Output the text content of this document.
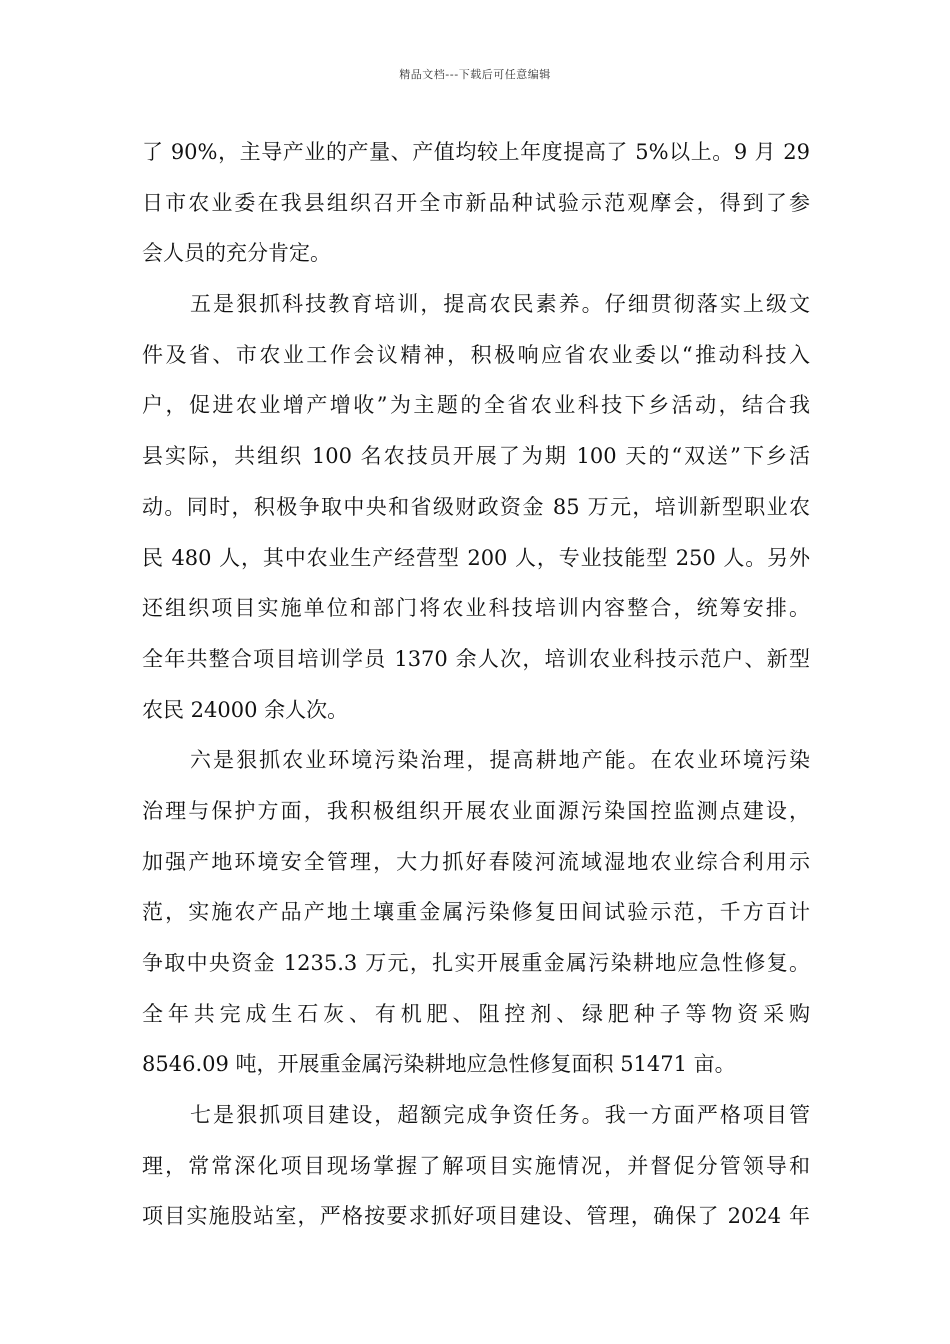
精品文档---下载后可任意编辑
了 90%，主导产业的产量、产值均较上年度提高了 5%以上。9 月 29
日市农业委在我县组织召开全市新品种试验示范观摩会，得到了参
会人员的充分肯定。
五是狠抓科技教育培训，提高农民素养。仔细贯彻落实上级文
件及省、市农业工作会议精神，积极响应省农业委以“推动科技入
户，促进农业增产增收”为主题的全省农业科技下乡活动，结合我
县实际，共组织 100 名农技员开展了为期 100 天的“双送”下乡活
动。同时，积极争取中央和省级财政资金 85 万元，培训新型职业农
民 480 人，其中农业生产经营型 200 人，专业技能型 250 人。另外
还组织项目实施单位和部门将农业科技培训内容整合，统筹安排。
全年共整合项目培训学员 1370 余人次，培训农业科技示范户、新型
农民 24000 余人次。
六是狠抓农业环境污染治理，提高耕地产能。在农业环境污染
治理与保护方面，我积极组织开展农业面源污染国控监测点建设，
加强产地环境安全管理，大力抓好春陵河流域湿地农业综合利用示
范，实施农产品产地土壤重金属污染修复田间试验示范，千方百计
争取中央资金 1235.3 万元，扎实开展重金属污染耕地应急性修复。
全年共完成生石灰、有机肥、阻控剂、绿肥种子等物资采购
8546.09 吨，开展重金属污染耕地应急性修复面积 51471 亩。
七是狠抓项目建设，超额完成争资任务。我一方面严格项目管
理，常常深化项目现场掌握了解项目实施情况，并督促分管领导和
项目实施股站室，严格按要求抓好项目建设、管理，确保了 2024 年
